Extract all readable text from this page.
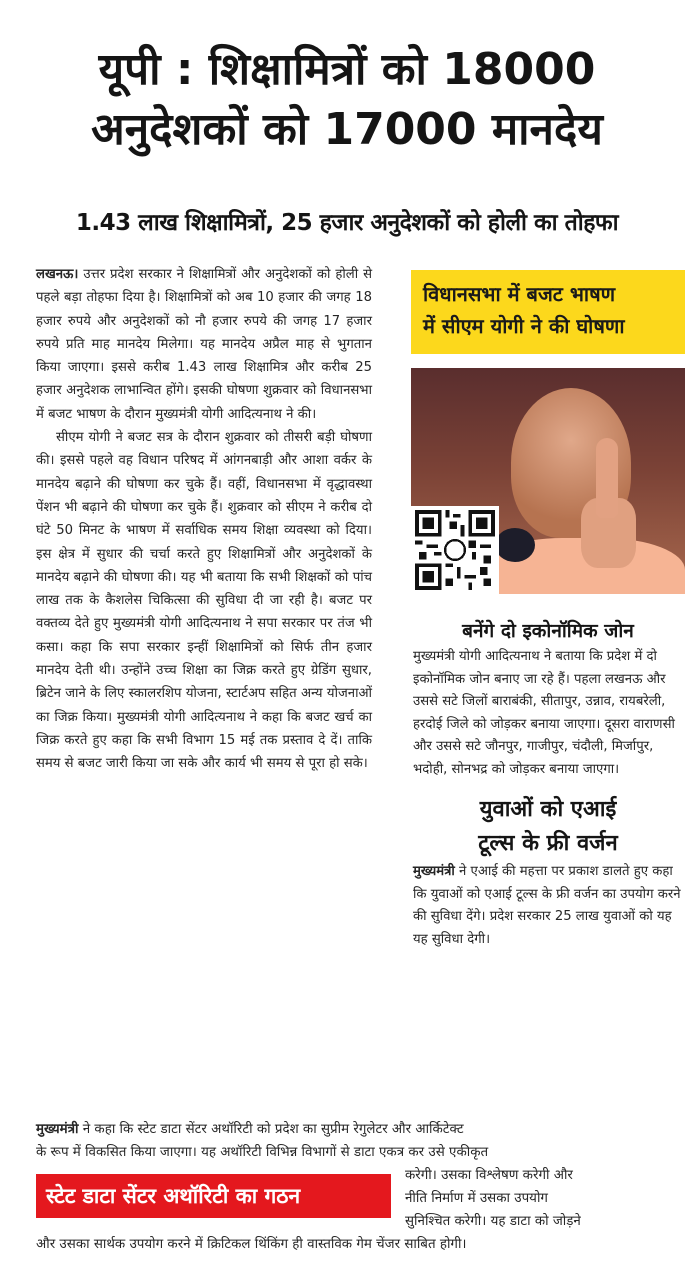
यूपी : शिक्षामित्रों को 18000
अनुदेशकों को 17000 मानदेय
1.43 लाख शिक्षामित्रों, 25 हजार अनुदेशकों को होली का तोहफा

लखनऊ। उत्तर प्रदेश सरकार ने शिक्षामित्रों और अनुदेशकों को होली से पहले बड़ा तोहफा दिया है। शिक्षामित्रों को अब 10 हजार की जगह 18 हजार रुपये और अनुदेशकों को नौ हजार रुपये की जगह 17 हजार रुपये प्रति माह मानदेय मिलेगा। यह मानदेय अप्रैल माह से भुगतान किया जाएगा। इससे करीब 1.43 लाख शिक्षामित्र और करीब 25 हजार अनुदेशक लाभान्वित होंगे। इसकी घोषणा शुक्रवार को विधानसभा में बजट भाषण के दौरान मुख्यमंत्री योगी आदित्यनाथ ने की।

सीएम योगी ने बजट सत्र के दौरान शुक्रवार को तीसरी बड़ी घोषणा की। इससे पहले वह विधान परिषद में आंगनबाड़ी और आशा वर्कर के मानदेय बढ़ाने की घोषणा कर चुके हैं। वहीं, विधानसभा में वृद्धावस्था पेंशन भी बढ़ाने की घोषणा कर चुके हैं। शुक्रवार को सीएम ने करीब दो घंटे 50 मिनट के भाषण में सर्वाधिक समय शिक्षा व्यवस्था को दिया। इस क्षेत्र में सुधार की चर्चा करते हुए शिक्षामित्रों और अनुदेशकों के मानदेय बढ़ाने की घोषणा की। यह भी बताया कि सभी शिक्षकों को पांच लाख तक के कैशलेस चिकित्सा की सुविधा दी जा रही है। बजट पर वक्तव्य देते हुए मुख्यमंत्री योगी आदित्यनाथ ने सपा सरकार पर तंज भी कसा। कहा कि सपा सरकार इन्हीं शिक्षामित्रों को सिर्फ तीन हजार मानदेय देती थी। उन्होंने उच्च शिक्षा का जिक्र करते हुए ग्रेडिंग सुधार, ब्रिटेन जाने के लिए स्कालरशिप योजना, स्टार्टअप सहित अन्य योजनाओं का जिक्र किया। मुख्यमंत्री योगी आदित्यनाथ ने कहा कि बजट खर्च का जिक्र करते हुए कहा कि सभी विभाग 15 मई तक प्रस्ताव दे दें। ताकि समय से बजट जारी किया जा सके और कार्य भी समय से पूरा हो सके।

विधानसभा में बजट भाषण
में सीएम योगी ने की घोषणा
बनेंगे दो इकोनॉमिक जोन
मुख्यमंत्री योगी आदित्यनाथ ने बताया कि प्रदेश में दो इकोनॉमिक जोन बनाए जा रहे हैं। पहला लखनऊ और उससे सटे जिलों बाराबंकी, सीतापुर, उन्नाव, रायबरेली, हरदोई जिले को जोड़कर बनाया जाएगा। दूसरा वाराणसी और उससे सटे जौनपुर, गाजीपुर, चंदौली, मिर्जापुर, भदोही, सोनभद्र को जोड़कर बनाया जाएगा।
युवाओं को एआई
टूल्स के फ्री वर्जन
मुख्यमंत्री ने एआई की महत्ता पर प्रकाश डालते हुए कहा कि युवाओं को एआई टूल्स के फ्री वर्जन का उपयोग करने की सुविधा देंगे। प्रदेश सरकार 25 लाख युवाओं को यह यह सुविधा देगी।
मुख्यमंत्री ने कहा कि स्टेट डाटा सेंटर अथॉरिटी को प्रदेश का सुप्रीम रेगुलेटर और आर्किटेक्ट
के रूप में विकसित किया जाएगा। यह अथॉरिटी विभिन्न विभागों से डाटा एकत्र कर उसे एकीकृत
स्टेट डाटा सेंटर अथॉरिटी का गठन
करेगी। उसका विश्लेषण करेगी और
नीति निर्माण में उसका उपयोग
सुनिश्चित करेगी। यह डाटा को जोड़ने
और उसका सार्थक उपयोग करने में क्रिटिकल थिंकिंग ही वास्तविक गेम चेंजर साबित होगी।
